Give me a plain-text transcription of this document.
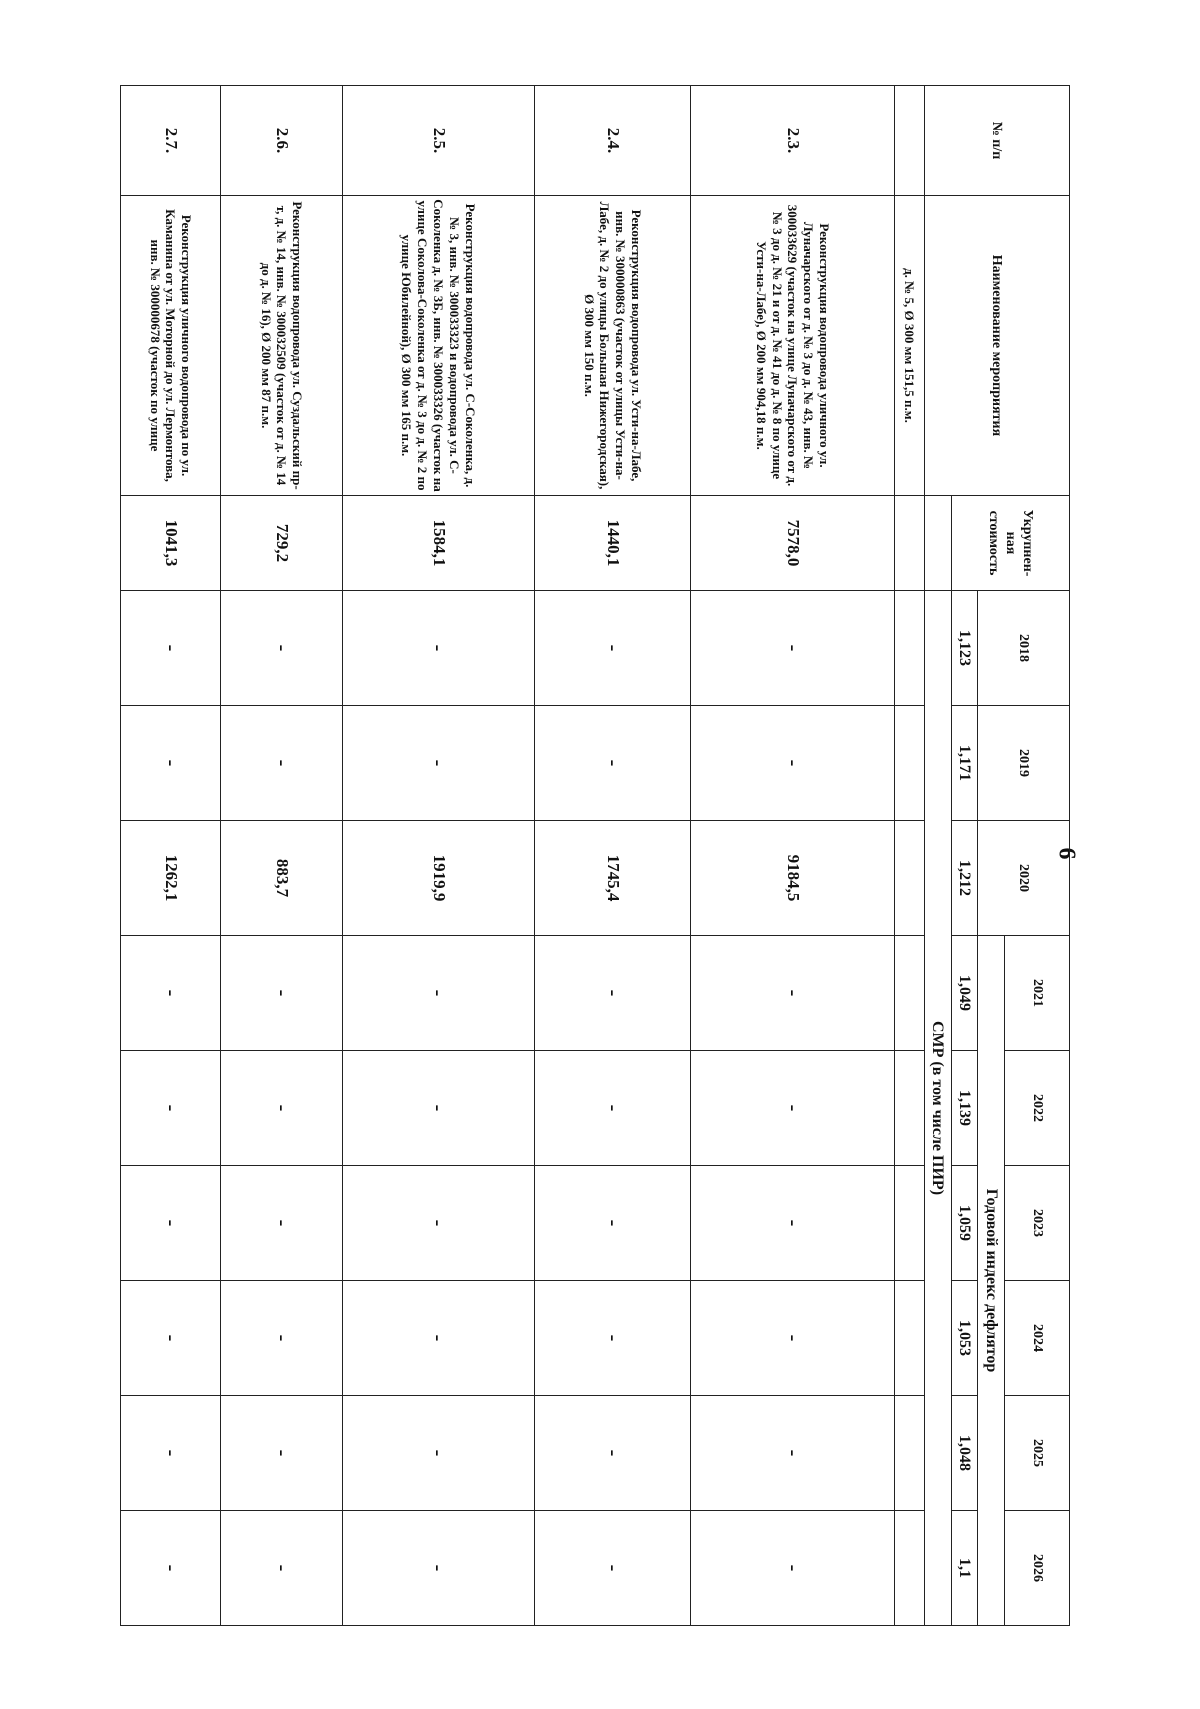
6
№ п/п	Наименование мероприятия	Укрупнен-ная стоимость	2018	2019	2020	2021	2022	2023	2024	2025	2026
						Годовой индекс дефлятор					
			1,123	1,171	1,212	1,049	1,139	1,059	1,053	1,048	1,1
			СМР (в том числе ПИР)								
	д. № 5, Ø 300 мм 151,5 п.м.										
2.3.	Реконструкция водопровода уличного ул. Луначарского от д. № 3 до д. № 43, инв. № 300033629 (участок на улице Луначарского от д. № 3 до д. № 21 и от д. № 41 до д. № 8 по улице Усти-на-Лабе), Ø 200 мм 904,18 п.м.	7578,0	-	-	9184,5	-	-	-	-	-	-
2.4.	Реконструкция водопровода ул. Усти-на-Лабе, инв. № 300000863 (участок от улицы Усти-на-Лабе, д. № 2 до улицы Большая Нижегородская), Ø 300 мм 150 п.м.	1440,1	-	-	1745,4	-	-	-	-	-	-
2.5.	Реконструкция водопровода ул. С-Соколенка, д. № 3, инв. № 300033323 и водопровода ул. С-Соколенка д. № 3Б, инв. № 300033326 (участок на улице Соколова-Соколенка от д. № 3 до д. № 2 по улице Юбилейной), Ø 300 мм 165 п.м.	1584,1	-	-	1919,9	-	-	-	-	-	-
2.6.	Реконструкция водопровода ул. Суздальский пр-т, д. № 14, инв. № 300032509 (участок от д. № 14 до д. № 16), Ø 200 мм 87 п.м.	729,2	-	-	883,7	-	-	-	-	-	-
2.7.	Реконструкция уличного водопровода по ул. Каманина от ул. Моторной до ул. Лермонтова, инв. № 300000678 (участок по улице	1041,3	-	-	1262,1	-	-	-	-	-	-
